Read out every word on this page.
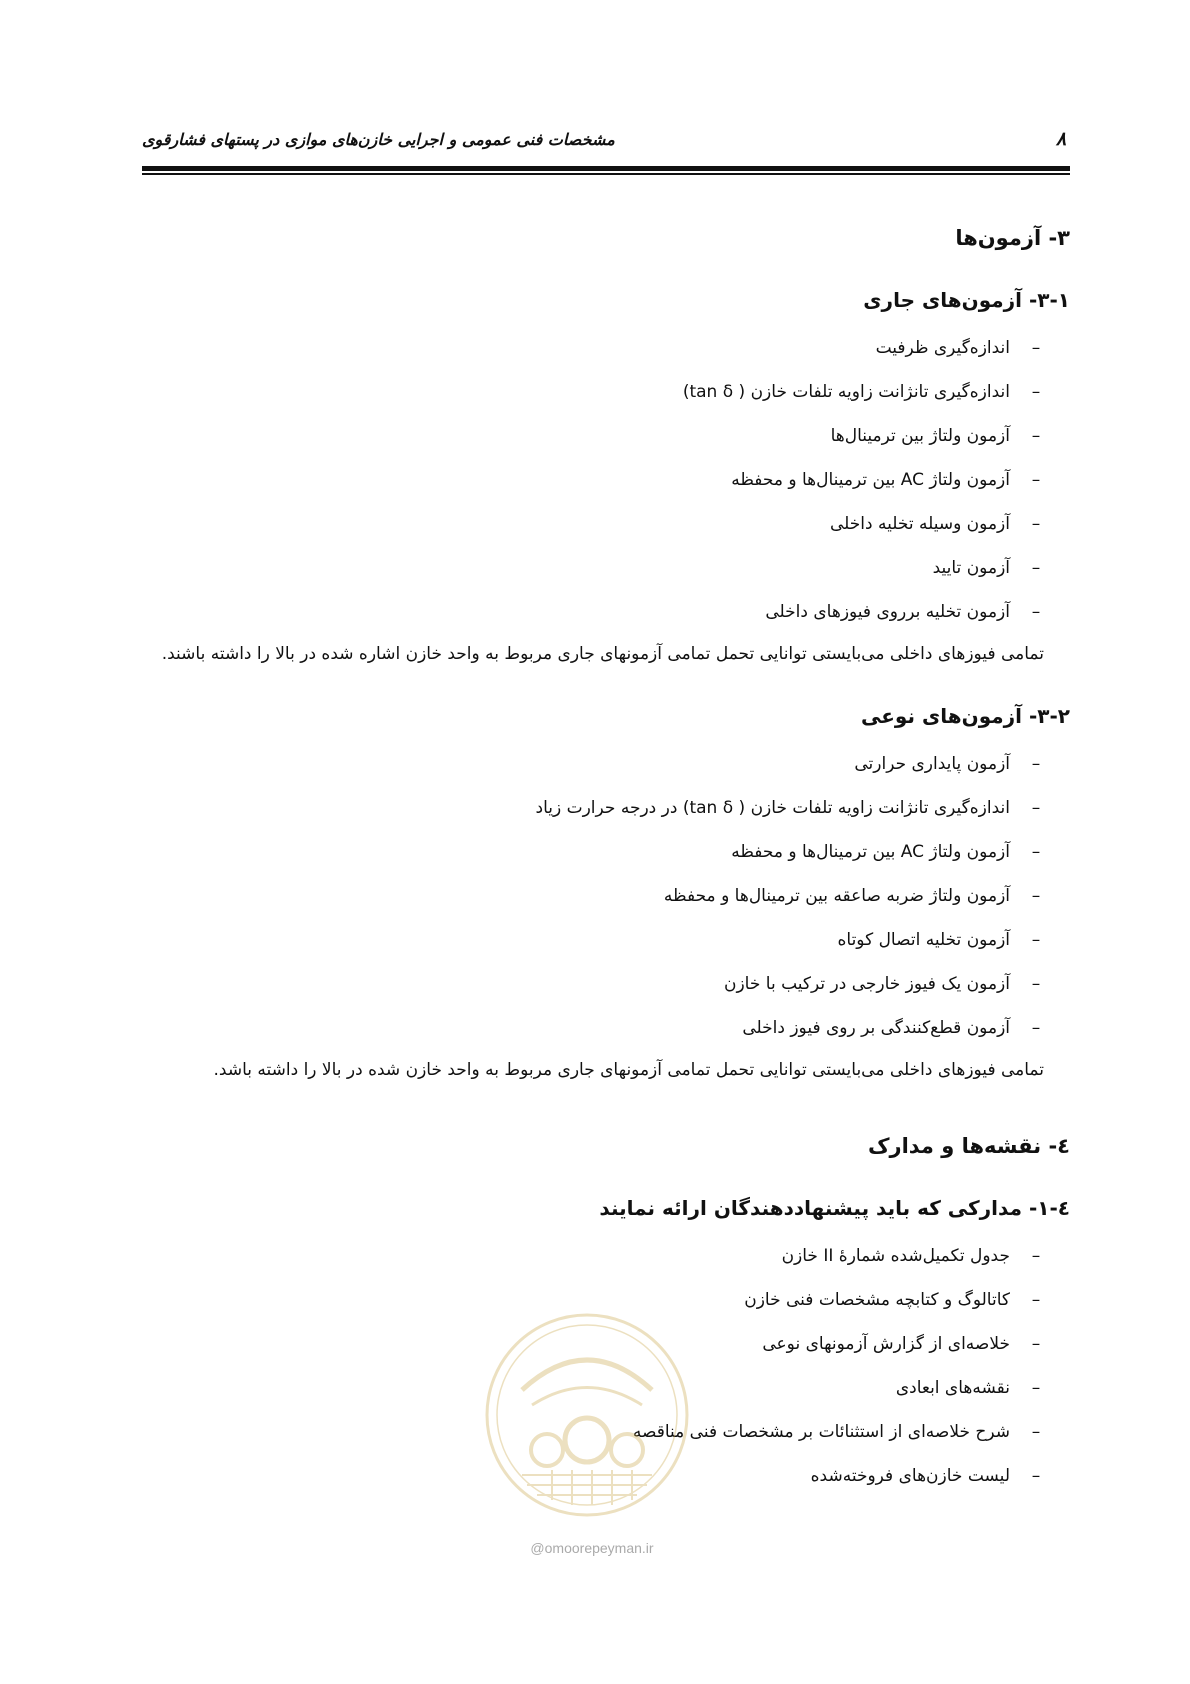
۸
مشخصات فنی عمومی و اجرایی خازن‌های موازی در پستهای فشارقوی
۳- آزمون‌ها
۳-۱- آزمون‌های جاری
–
اندازه‌گیری ظرفیت
–
اندازه‌گیری تانژانت زاویه تلفات خازن ( tan δ)
–
آزمون ولتاژ بین ترمینال‌ها
–
آزمون ولتاژ AC بین ترمینال‌ها و محفظه
–
آزمون وسیله تخلیه داخلی
–
آزمون تایید
–
آزمون تخلیه برروی فیوزهای داخلی
تمامی فیوزهای داخلی می‌بایستی توانایی تحمل تمامی آزمونهای جاری مربوط به واحد خازن اشاره شده در بالا را داشته باشند.
۳-۲- آزمون‌های نوعی
–
آزمون پایداری حرارتی
–
اندازه‌گیری تانژانت زاویه تلفات خازن ( tan δ) در درجه حرارت زیاد
–
آزمون ولتاژ AC بین ترمینال‌ها و محفظه
–
آزمون ولتاژ ضربه صاعقه بین ترمینال‌ها و محفظه
–
آزمون تخلیه اتصال کوتاه
–
آزمون یک فیوز خارجی در ترکیب با خازن
–
آزمون قطع‌کنندگی بر روی فیوز داخلی
تمامی فیوزهای داخلی می‌بایستی توانایی تحمل تمامی آزمونهای جاری مربوط به واحد خازن شده در بالا را داشته باشد.
٤- نقشه‌ها و مدارک
٤-۱- مدارکی که باید پیشنهاددهندگان ارائه نمایند
–
جدول تکمیل‌شده شمارهٔ II خازن
–
کاتالوگ و کتابچه مشخصات فنی خازن
–
خلاصه‌ای از گزارش آزمونهای نوعی
–
نقشه‌های ابعادی
–
شرح خلاصه‌ای از استثنائات بر مشخصات فنی مناقصه
–
لیست خازن‌های فروخته‌شده
@omoorepeyman.ir
